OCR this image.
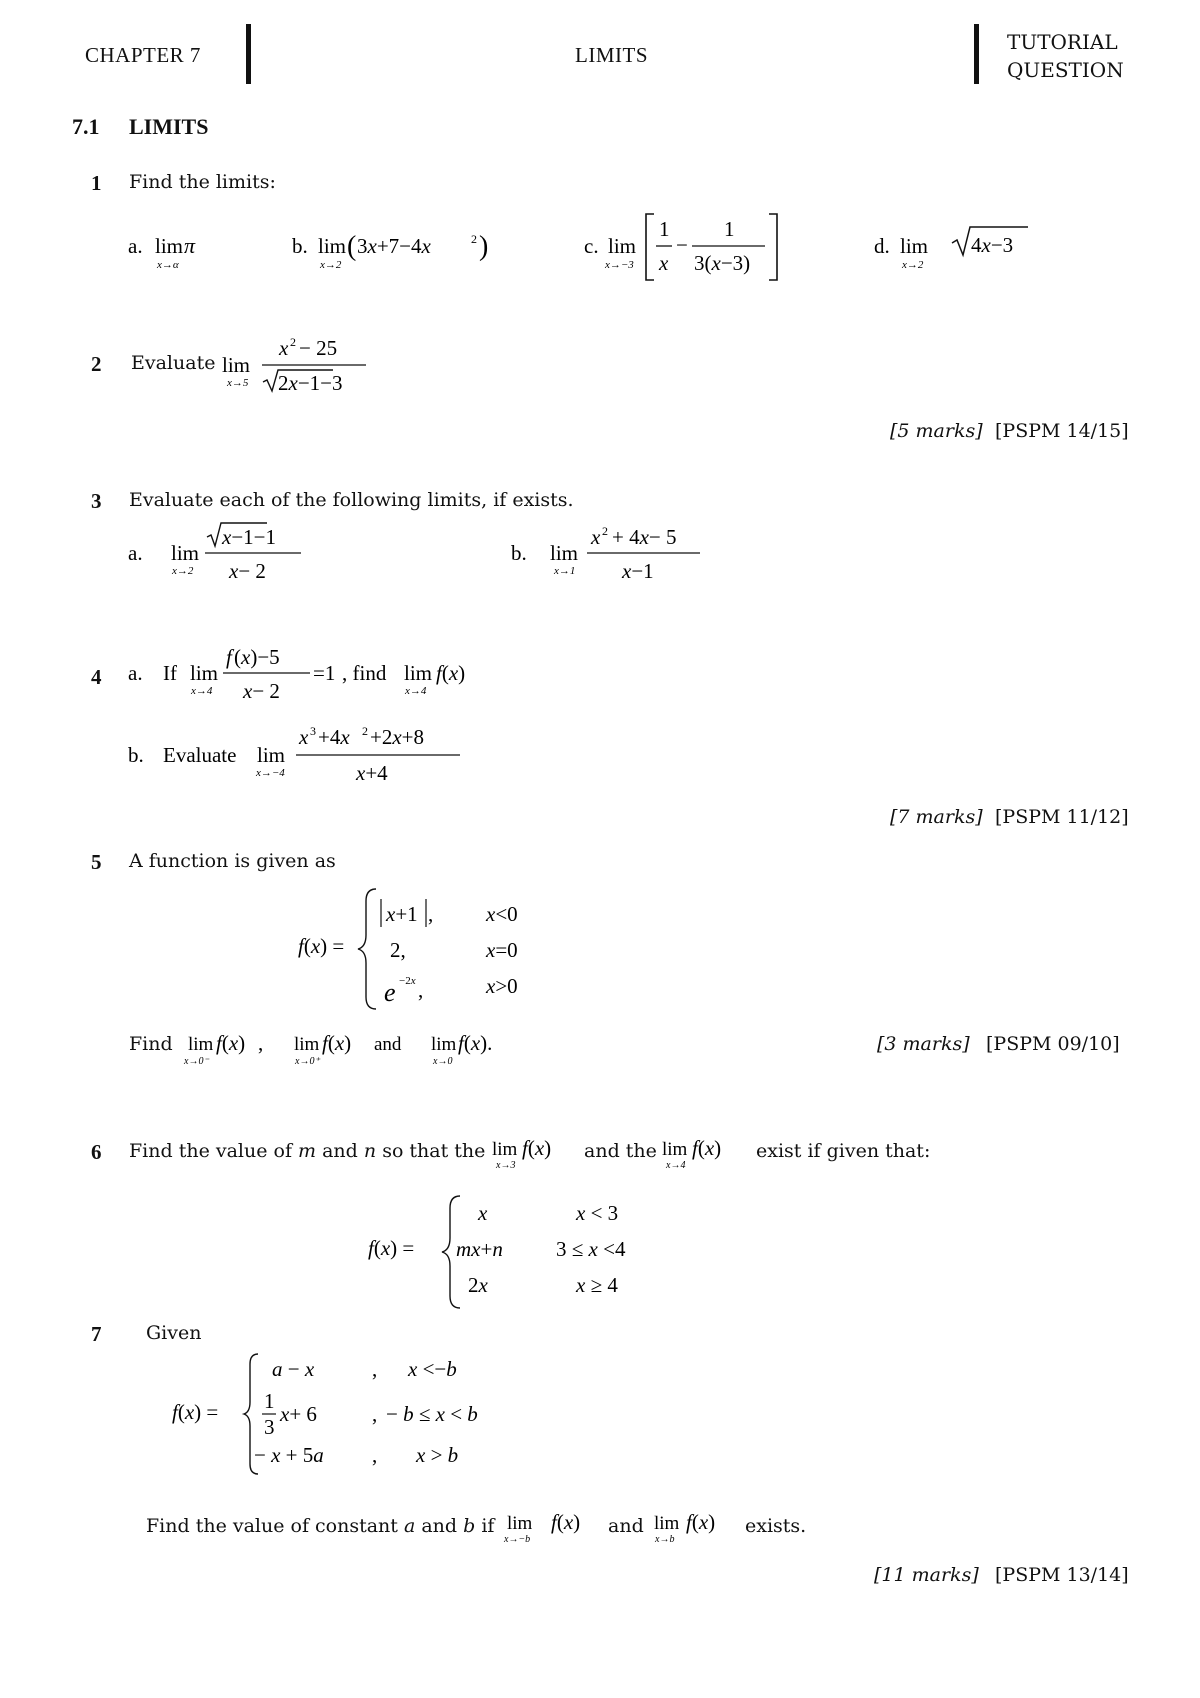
CHAPTER 7	LIMITS
TUTORIAL
QUESTION
7.1 LIMITS
1 Find the limits:
a. lim π
x→α
b. lim
x→2
( 3x+7−4x	2 )	c. lim
x→−3
1
x
−
1
3(x−3)
d. lim
x→2
4x−3
2 Evaluate lim
x→5
x 2 − 25
2x−1−3
[5 marks] [PSPM 14/15]
3 Evaluate each of the following limits, if exists.
a. lim
x→2
x−1−1
x− 2
b. lim
x→1
x 2 + 4x− 5
x−1
4 a. If lim
x→4
f (x)−5
x− 2
=1 , find lim
x→4
f(x)
b. Evaluate lim
x→−4
x 3 +4x 2 +2x+8
x+4
[7 marks] [PSPM 11/12]
5 A function is given as
f(x) =
x+1 ,	x<0
2,	x=0
e −2x ,	x>0
Find lim
x→0⁻
f(x) , lim
x→0⁺
f(x) and lim
x→0
f(x).	[3 marks] [PSPM 09/10]
6 Find the value of m and n so that the lim
x→3
f(x) and the lim
x→4
f(x) exist if given that:
f(x) =
x	x < 3
mx+n	3 ≤ x <4
2x	x ≥ 4
7 Given
f(x) =
a − x	, x <−b
1
3
x+ 6	, − b ≤ x < b
− x + 5a , x > b
Find the value of constant a and b if lim
x→−b
f(x) and lim
x→b
f(x) exists.
[11 marks] [PSPM 13/14]
